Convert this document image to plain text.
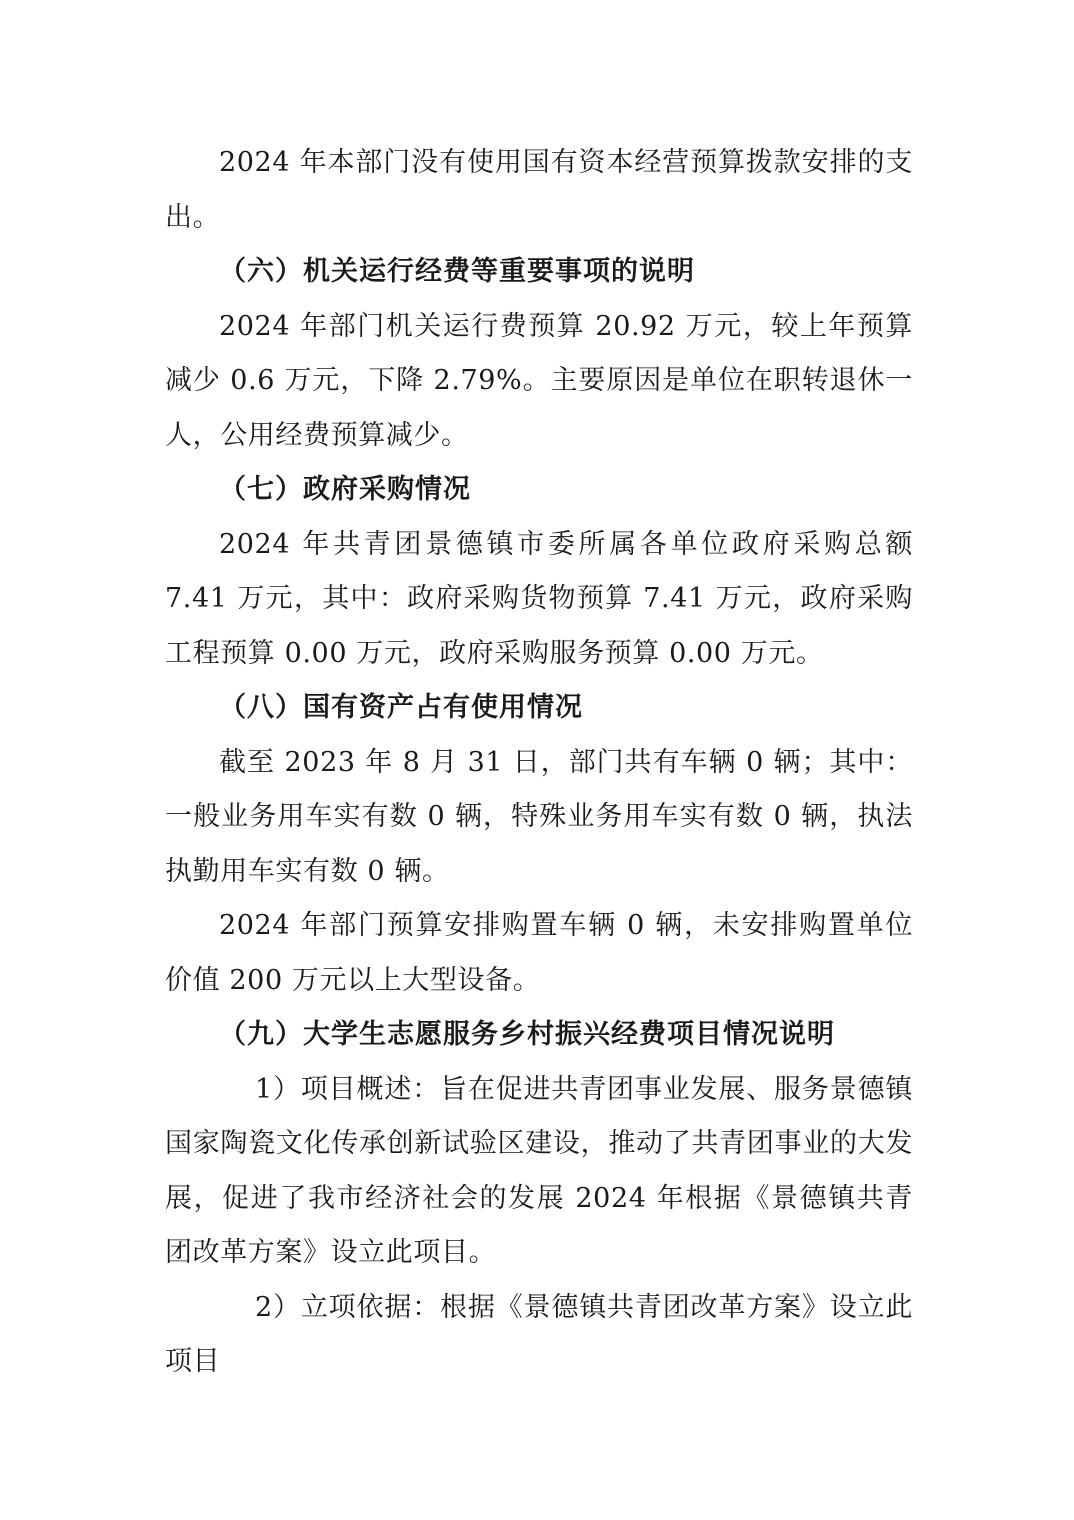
2024 年本部门没有使用国有资本经营预算拨款安排的支出。

（六）机关运行经费等重要事项的说明

2024 年部门机关运行费预算 20.92 万元，较上年预算减少 0.6 万元，下降 2.79%。主要原因是单位在职转退休一人，公用经费预算减少。

（七）政府采购情况

2024 年共青团景德镇市委所属各单位政府采购总额 7.41 万元，其中：政府采购货物预算 7.41 万元，政府采购工程预算 0.00 万元，政府采购服务预算 0.00 万元。

（八）国有资产占有使用情况

截至 2023 年 8 月 31 日，部门共有车辆 0 辆；其中：一般业务用车实有数 0 辆，特殊业务用车实有数 0 辆，执法执勤用车实有数 0 辆。

2024 年部门预算安排购置车辆 0 辆，未安排购置单位价值 200 万元以上大型设备。

（九）大学生志愿服务乡村振兴经费项目情况说明

1）项目概述：旨在促进共青团事业发展、服务景德镇国家陶瓷文化传承创新试验区建设，推动了共青团事业的大发展，促进了我市经济社会的发展 2024 年根据《景德镇共青团改革方案》设立此项目。

2）立项依据：根据《景德镇共青团改革方案》设立此项目
